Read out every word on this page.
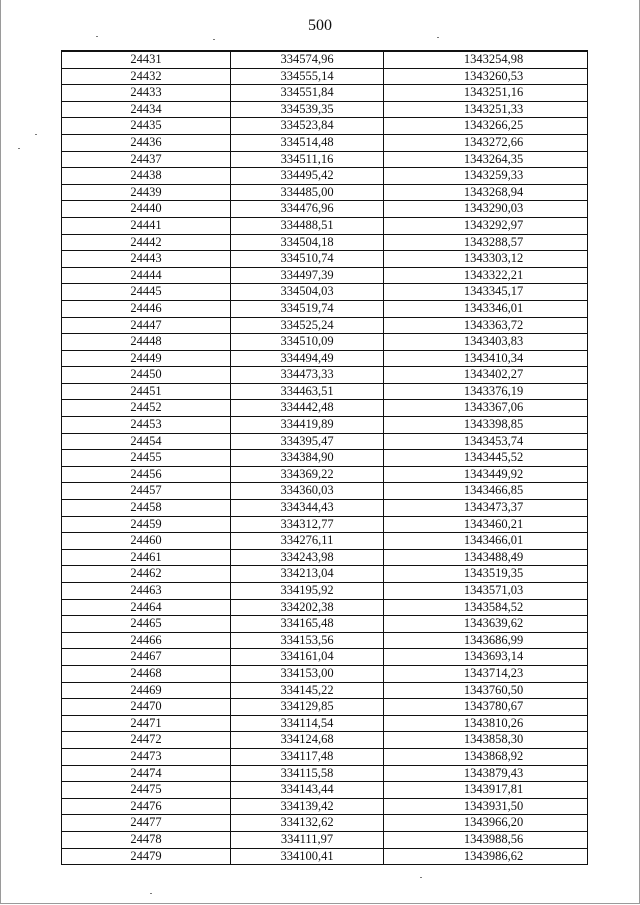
500
24431	334574,96	1343254,98
24432	334555,14	1343260,53
24433	334551,84	1343251,16
24434	334539,35	1343251,33
24435	334523,84	1343266,25
24436	334514,48	1343272,66
24437	334511,16	1343264,35
24438	334495,42	1343259,33
24439	334485,00	1343268,94
24440	334476,96	1343290,03
24441	334488,51	1343292,97
24442	334504,18	1343288,57
24443	334510,74	1343303,12
24444	334497,39	1343322,21
24445	334504,03	1343345,17
24446	334519,74	1343346,01
24447	334525,24	1343363,72
24448	334510,09	1343403,83
24449	334494,49	1343410,34
24450	334473,33	1343402,27
24451	334463,51	1343376,19
24452	334442,48	1343367,06
24453	334419,89	1343398,85
24454	334395,47	1343453,74
24455	334384,90	1343445,52
24456	334369,22	1343449,92
24457	334360,03	1343466,85
24458	334344,43	1343473,37
24459	334312,77	1343460,21
24460	334276,11	1343466,01
24461	334243,98	1343488,49
24462	334213,04	1343519,35
24463	334195,92	1343571,03
24464	334202,38	1343584,52
24465	334165,48	1343639,62
24466	334153,56	1343686,99
24467	334161,04	1343693,14
24468	334153,00	1343714,23
24469	334145,22	1343760,50
24470	334129,85	1343780,67
24471	334114,54	1343810,26
24472	334124,68	1343858,30
24473	334117,48	1343868,92
24474	334115,58	1343879,43
24475	334143,44	1343917,81
24476	334139,42	1343931,50
24477	334132,62	1343966,20
24478	334111,97	1343988,56
24479	334100,41	1343986,62
